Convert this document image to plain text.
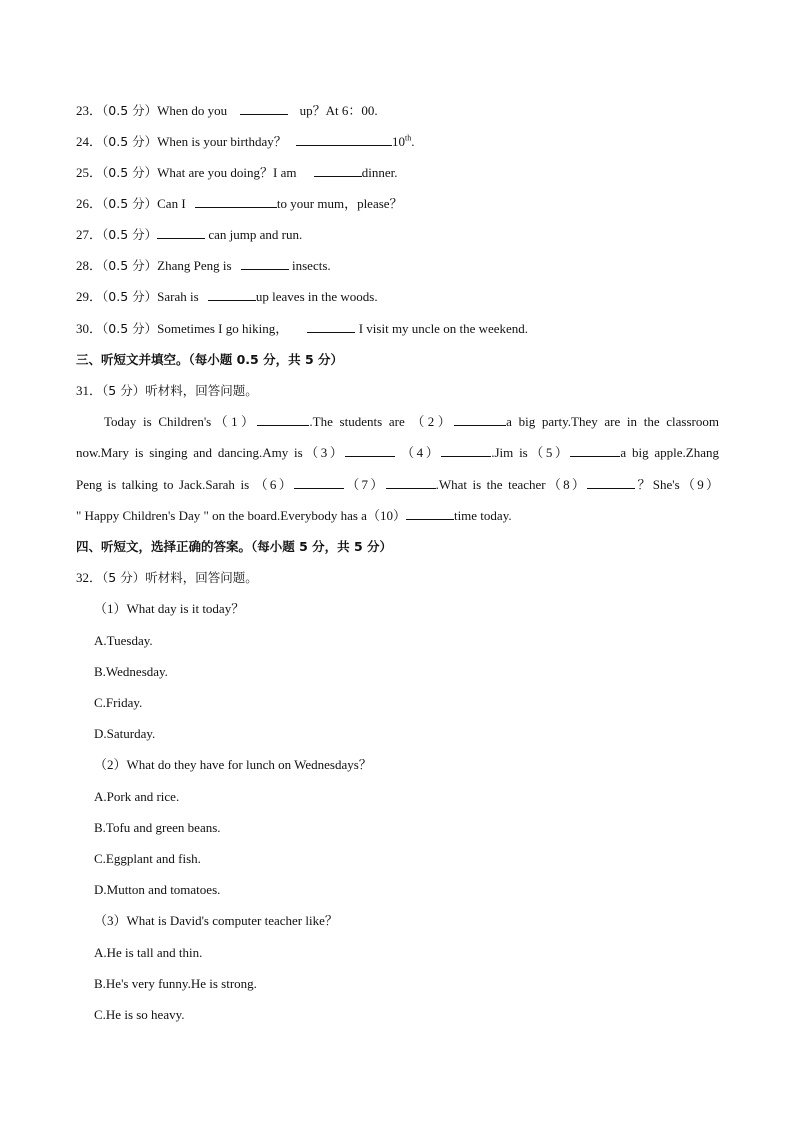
23．（0.5 分）When do you	up？At 6：00.
24．（0.5 分）When is your birthday？	10th.
25．（0.5 分）What are you doing？I am	dinner.
26．（0.5 分）Can I	to your mum，please？
27．（0.5 分）	can jump and run.
28．（0.5 分）Zhang Peng is	insects.
29．（0.5 分）Sarah is	up leaves in the woods.
30．（0.5 分）Sometimes I go hiking，	I visit my uncle on the weekend.
三、听短文并填空。（每小题 0.5 分，共 5 分）
31．（5 分）听材料，回答问题。
Today is Children's（1）	.The students are （2）	a big party.They are in the classroom
now.Mary is singing and dancing.Amy is（3）	（4）	.Jim is（5）	a big apple.Zhang
Peng is talking to Jack.Sarah is （6）	（7）	.What is the teacher（8）	？She's（9）
" Happy Children's Day " on the board.Everybody has a（10）	time today.
四、听短文，选择正确的答案。（每小题 5 分，共 5 分）
32．（5 分）听材料，回答问题。
（1）What day is it today？
A.Tuesday.
B.Wednesday.
C.Friday.
D.Saturday.
（2）What do they have for lunch on Wednesdays？
A.Pork and rice.
B.Tofu and green beans.
C.Eggplant and fish.
D.Mutton and tomatoes.
（3）What is David's computer teacher like？
A.He is tall and thin.
B.He's very funny.He is strong.
C.He is so heavy.
